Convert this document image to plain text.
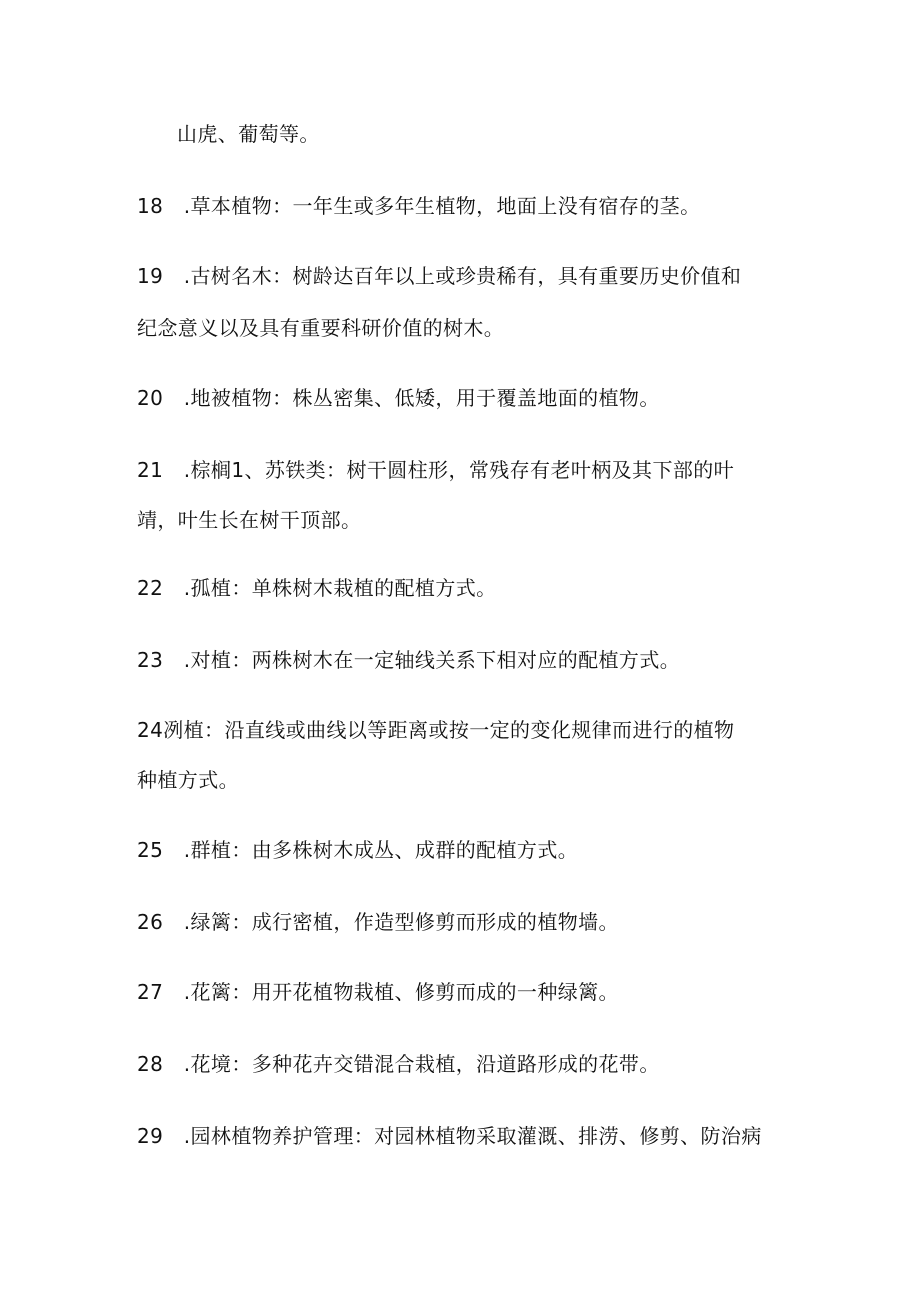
山虎、葡萄等。
18 .草本植物：一年生或多年生植物，地面上没有宿存的茎。
19 .古树名木：树龄达百年以上或珍贵稀有，具有重要历史价值和
纪念意义以及具有重要科研价值的树木。
20 .地被植物：株丛密集、低矮，用于覆盖地面的植物。
21 .棕榈1、苏铁类：树干圆柱形，常残存有老叶柄及其下部的叶
靖，叶生长在树干顶部。
22 .孤植：单株树木栽植的配植方式。
23 .对植：两株树木在一定轴线关系下相对应的配植方式。
24冽植：沿直线或曲线以等距离或按一定的变化规律而进行的植物
种植方式。
25 .群植：由多株树木成丛、成群的配植方式。
26 .绿篱：成行密植，作造型修剪而形成的植物墙。
27 .花篱：用开花植物栽植、修剪而成的一种绿篱。
28 .花境：多种花卉交错混合栽植，沿道路形成的花带。
29 .园林植物养护管理：对园林植物采取灌溉、排涝、修剪、防治病
